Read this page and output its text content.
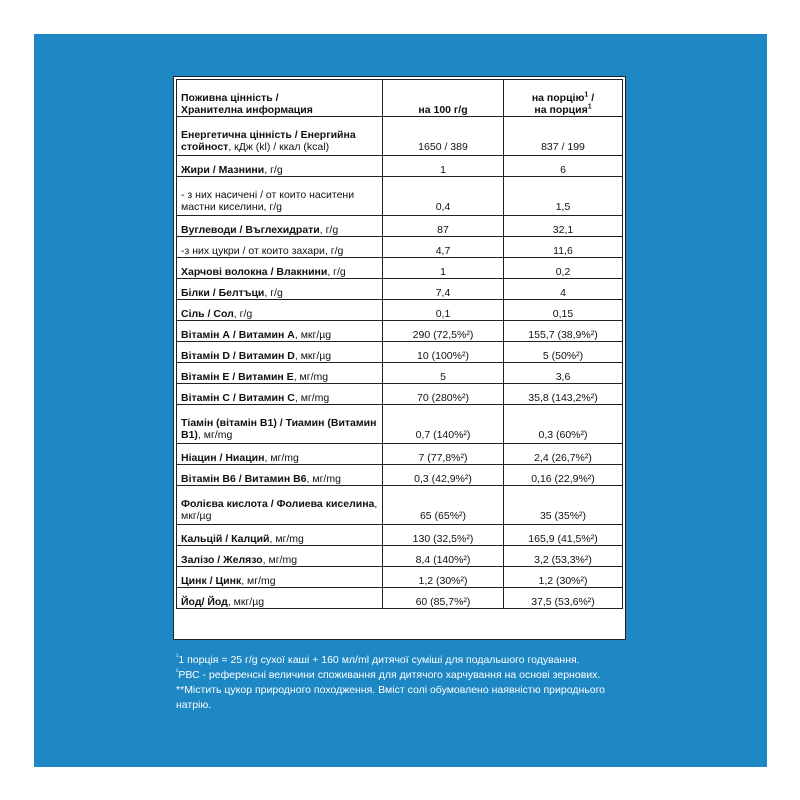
Поживна цінність /
Хранителна информация	на 100 г/g	на порцію$^1$ /
на порция$^1$
Енергетична цінність / Енергийна стойност, кДж (kl) / ккал (kcal)	1650 / 389	837 / 199
Жири / Мазнини, г/g	1	6
- з них насичені / от които наситени мастни киселини, г/g	0,4	1,5
Вуглеводи / Въглехидрати, г/g	87	32,1
-з них цукри / от които захари, г/g	4,7	11,6
Харчові волокна / Влакнини, г/g	1	0,2
Білки / Белтъци, г/g	7,4	4
Сіль / Сол, г/g	0,1	0,15
Вітамін А / Витамин А, мкг/µg	290 (72,5%²)	155,7 (38,9%²)
Вітамін D / Витамин D, мкг/µg	10 (100%²)	5 (50%²)
Вітамін E / Витамин E, мг/mg	5	3,6
Вітамін С / Витамин С, мг/mg	70 (280%²)	35,8 (143,2%²)
Тіамін (вітамін В1) / Тиамин (Витамин В1), мг/mg	0,7 (140%²)	0,3 (60%²)
Ніацин / Ниацин, мг/mg	7 (77,8%²)	2,4 (26,7%²)
Вітамін В6 / Витамин В6, мг/mg	0,3 (42,9%²)	0,16 (22,9%²)
Фолієва кислота / Фолиева киселина, мкг/µg	65 (65%²)	35 (35%²)
Кальцій / Калций, мг/mg	130 (32,5%²)	165,9 (41,5%²)
Залізо / Желязо, мг/mg	8,4 (140%²)	3,2 (53,3%²)
Цинк / Цинк, мг/mg	1,2 (30%²)	1,2 (30%²)
Йод/ Йод, мкг/µg	60 (85,7%²)	37,5 (53,6%²)

$^{^1}$1 порція = 25 г/g сухої каші + 160 мл/ml дитячої суміші для подальшого годування.

$^{^2}$РВС - референсні величини споживання для дитячого харчування на основі зернових.

**Містить цукор природного походження. Вміст солі обумовлено наявністю природнього натрію.
